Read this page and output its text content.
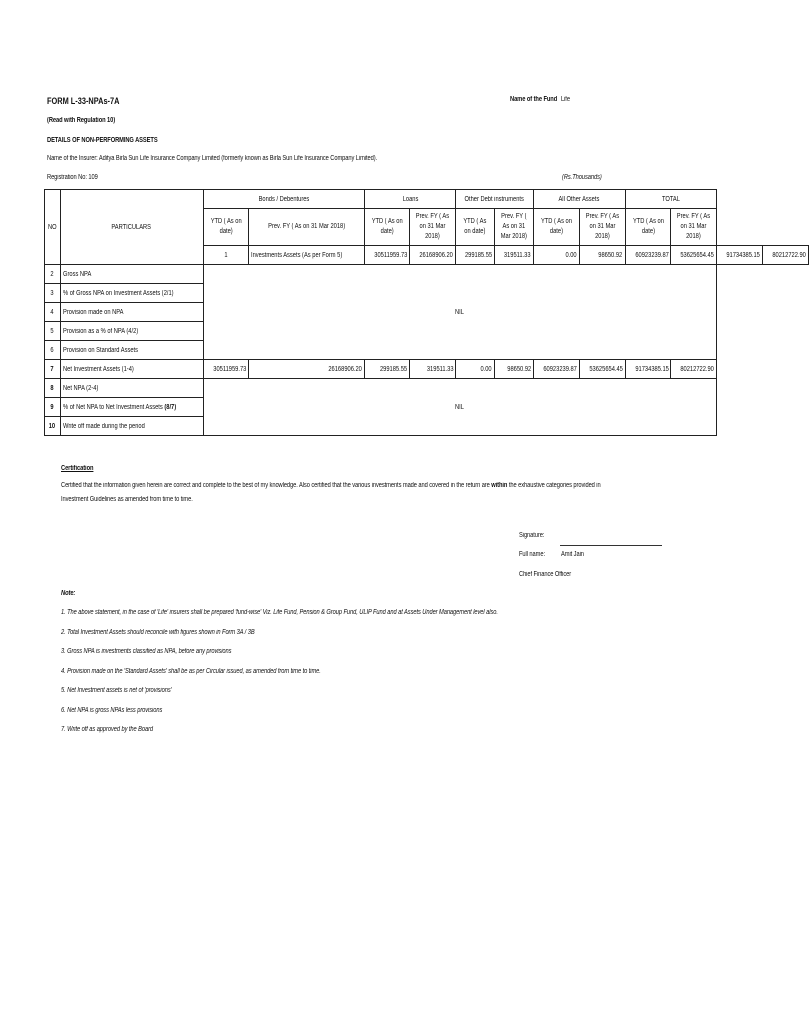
FORM L-33-NPAs-7A	Name of the Fund Life
(Read with Regulation 10)
DETAILS OF NON-PERFORMING ASSETS
Name of the Insurer: Aditya Birla Sun Life Insurance Company Limited (formerly known as Birla Sun Life Insurance Company Limited).
Registration No: 109	(Rs.Thousands)
NO	PARTICULARS	Bonds / Debentures		Loans		Other Debt instruments		All Other Assets		TOTAL			

		YTD ( As on date)	Prev. FY ( As on 31 Mar 2018)	YTD ( As on date)	Prev. FY ( As on 31 Mar 2018)	YTD ( As on date)	Prev. FY ( As on 31 Mar 2018)	YTD ( As on date)	Prev. FY ( As on 31 Mar 2018)	YTD ( As on date)	Prev. FY ( As on 31 Mar 2018)		

		1	Investments Assets (As per Form 5)	30511959.73	26168906.20	299185.55	319511.33	0.00	98650.92	60923239.87	53625654.45	91734385.15	80212722.90
2	Gross NPA	NIL											
3	% of Gross NPA on Investment Assets (2/1)												
4	Provision made on NPA												
5	Provision as a % of NPA (4/2)												
6	Provision on Standard Assets												
7	Net Investment Assets (1-4)	30511959.73	26168906.20	299185.55	319511.33	0.00	98650.92	60923239.87	53625654.45	91734385.15	80212722.90		
8	Net NPA (2-4)	NIL											
9	% of Net NPA to Net Investment Assets (8/7)												
10	Write off made during the period												
Certification
Certified that the information given herein are correct and complete to the best of my knowledge. Also certified that the various investments made and covered in the return are within the exhaustive categories provided in
Investment Guidelines as amended from time to time.
Signature:
Full name: Amit Jain
Chief Finance Officer
Note:
1. The above statement, in the case of 'Life' insurers shall be prepared 'fund-wise' Viz. Life Fund, Pension & Group Fund, ULIP Fund and at Assets Under Management level also.
2. Total Investment Assets should reconcile with figures shown in Form 3A / 3B
3. Gross NPA is investments classified as NPA, before any provisions
4. Provision made on the 'Standard Assets' shall be as per Circular issued, as amended from time to time.
5. Net Investment assets is net of 'provisions'
6. Net NPA is gross NPAs less provisions
7. Write off as approved by the Board
